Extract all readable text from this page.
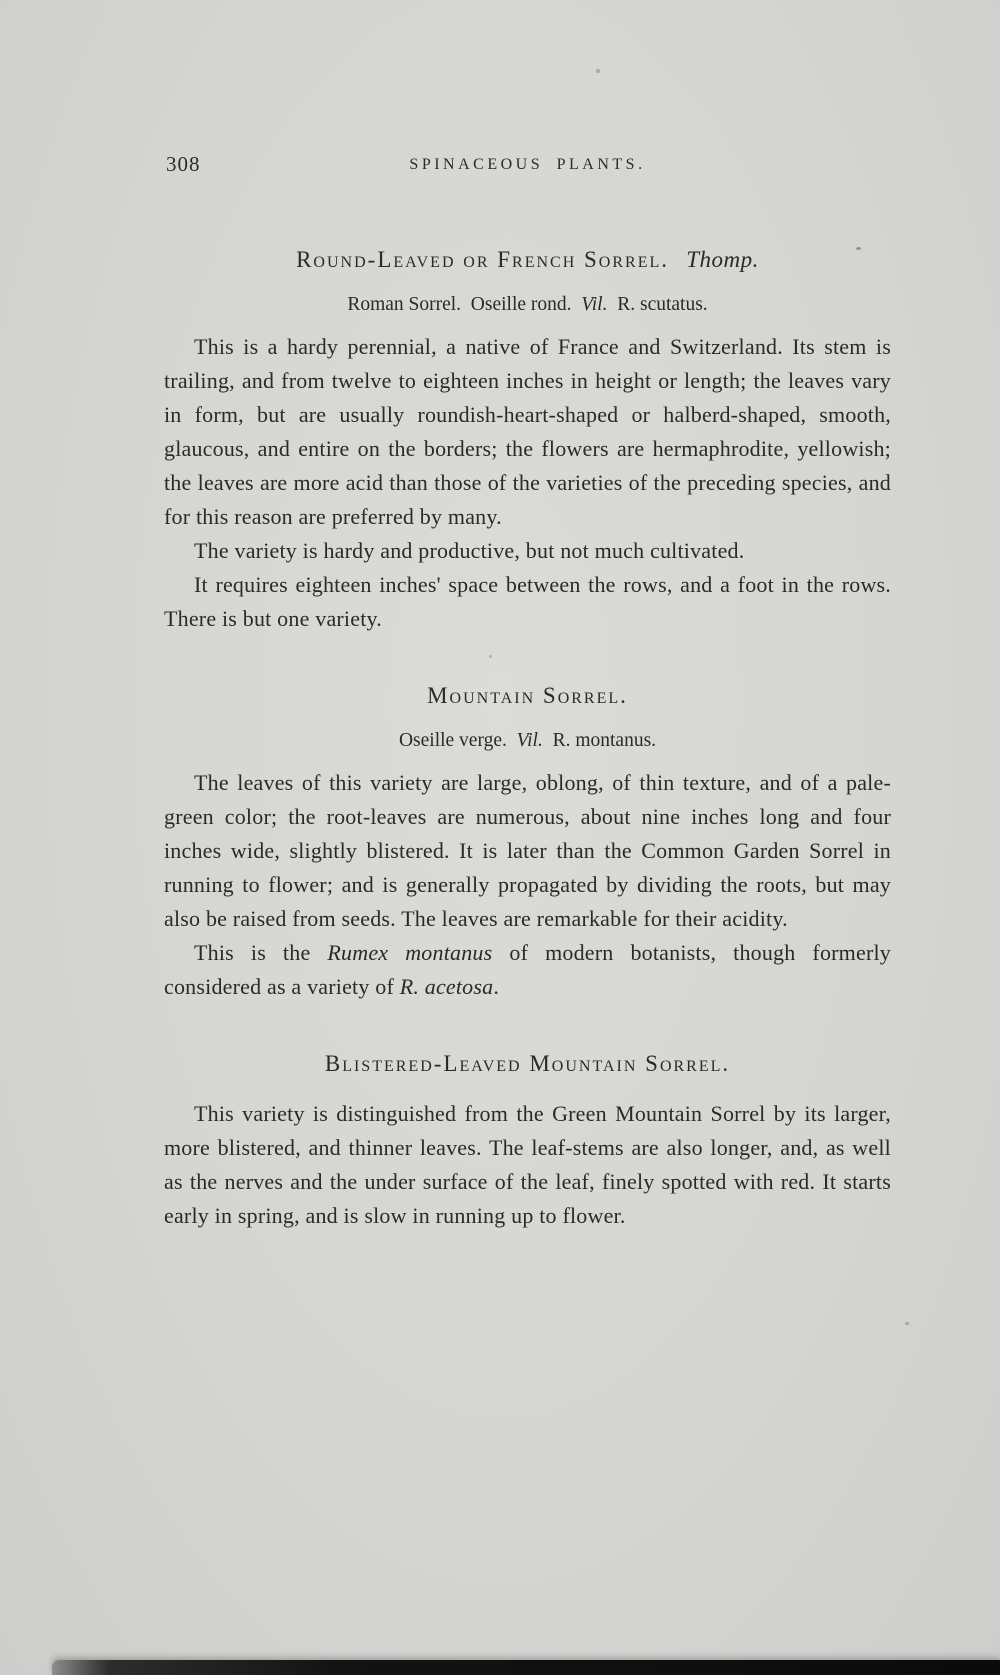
308	SPINACEOUS PLANTS.
Round-Leaved or French Sorrel. Thomp.
Roman Sorrel.  Oseille rond.  Vil.  R. scutatus.

This is a hardy perennial, a native of France and Switzerland. Its stem is trailing, and from twelve to eighteen inches in height or length; the leaves vary in form, but are usually roundish-heart-shaped or halberd-shaped, smooth, glaucous, and entire on the borders; the flowers are hermaphrodite, yellowish; the leaves are more acid than those of the varieties of the preceding species, and for this reason are preferred by many.

The variety is hardy and productive, but not much cultivated.

It requires eighteen inches' space between the rows, and a foot in the rows. There is but one variety.

Mountain Sorrel.
Oseille verge.  Vil.  R. montanus.

The leaves of this variety are large, oblong, of thin texture, and of a pale-green color; the root-leaves are numerous, about nine inches long and four inches wide, slightly blistered. It is later than the Common Garden Sorrel in running to flower; and is generally propagated by dividing the roots, but may also be raised from seeds. The leaves are remarkable for their acidity.

This is the Rumex montanus of modern botanists, though formerly considered as a variety of R. acetosa.

Blistered-Leaved Mountain Sorrel.

This variety is distinguished from the Green Mountain Sorrel by its larger, more blistered, and thinner leaves. The leaf-stems are also longer, and, as well as the nerves and the under surface of the leaf, finely spotted with red. It starts early in spring, and is slow in running up to flower.
